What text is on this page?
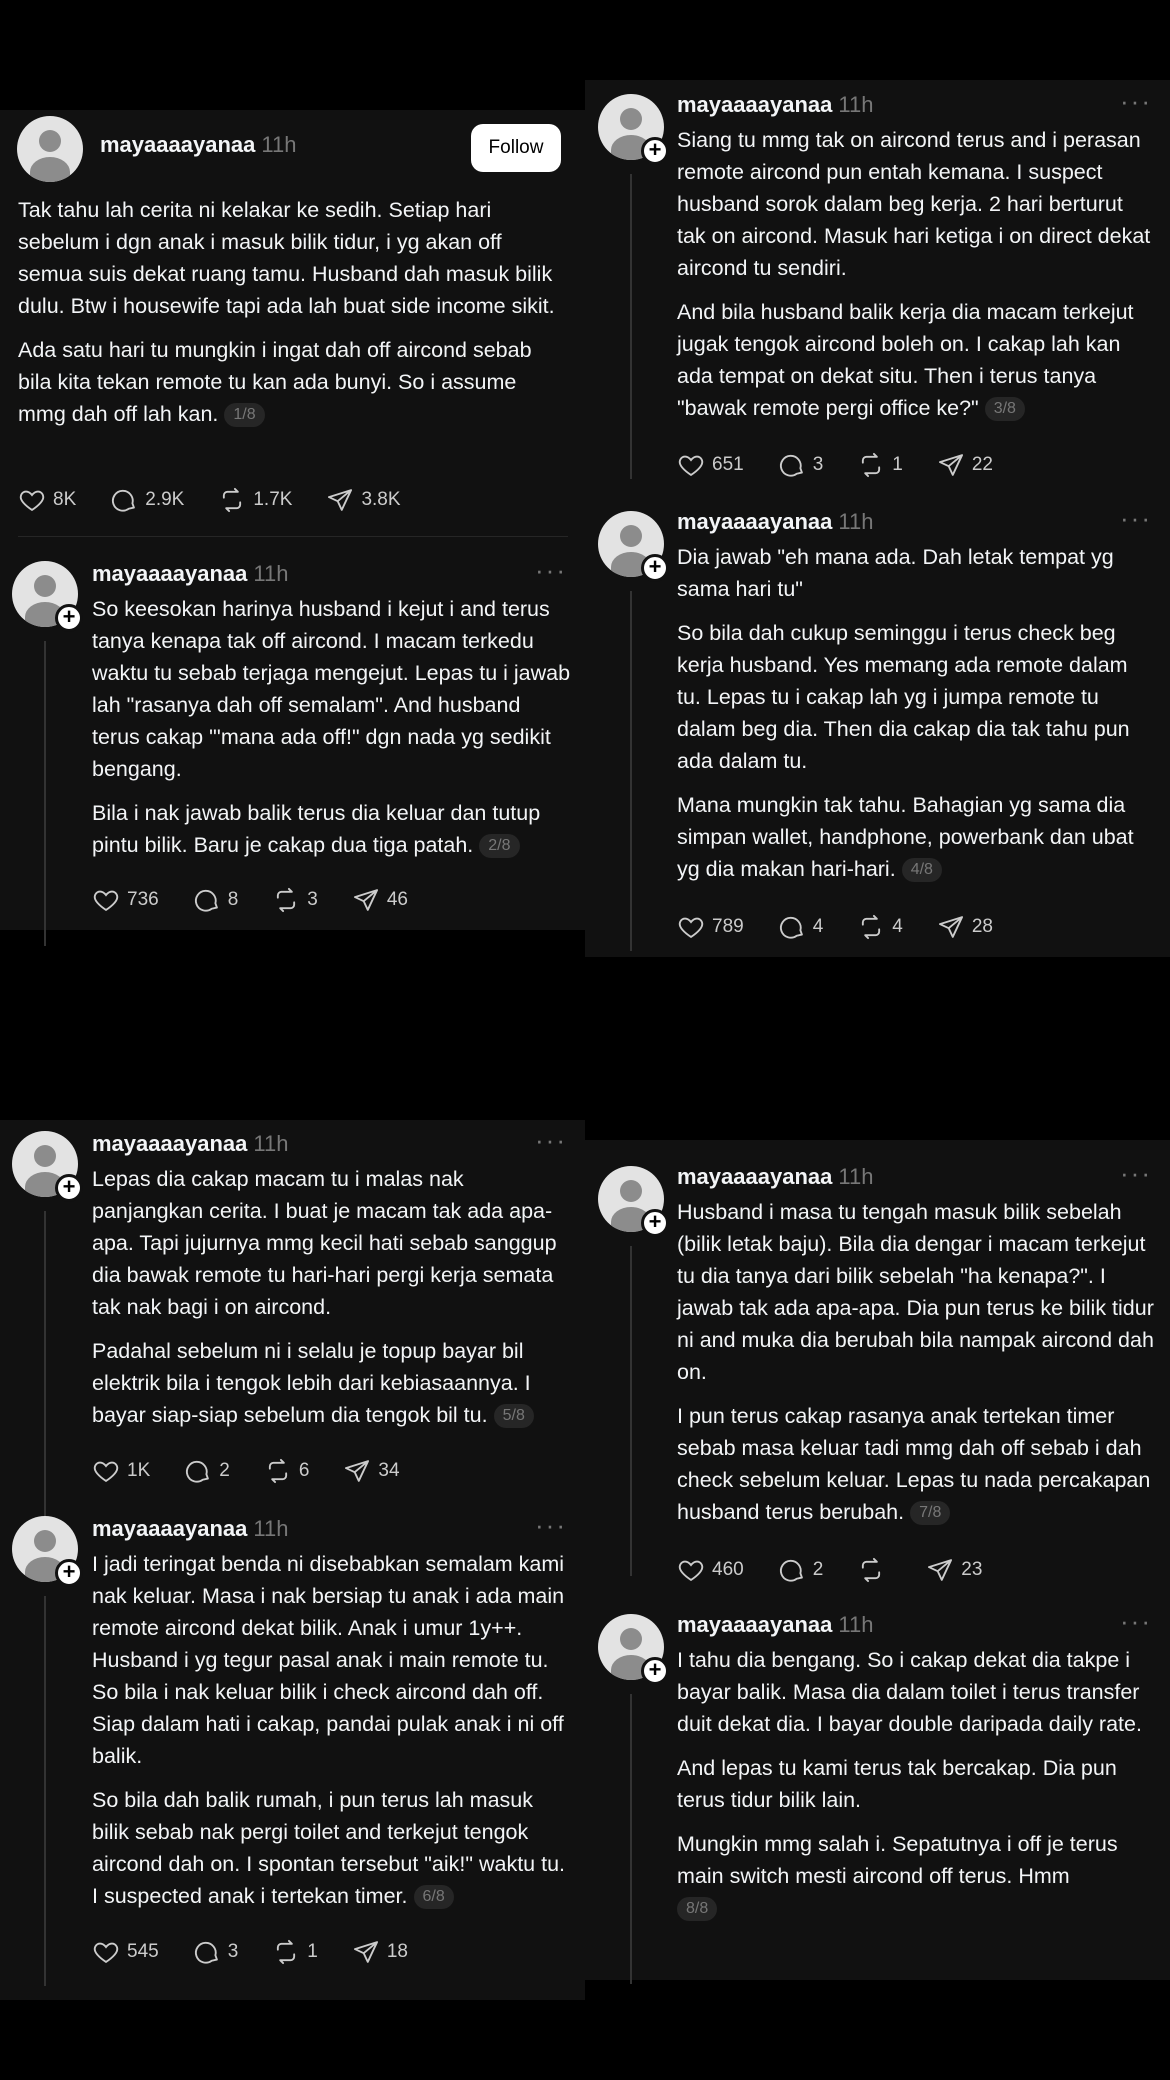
mayaaaayanaa 11h	Follow

Tak tahu lah cerita ni kelakar ke sedih. Setiap hari sebelum i dgn anak i masuk bilik tidur, i yg akan off semua suis dekat ruang tamu. Husband dah masuk bilik dulu. Btw i housewife tapi ada lah buat side income sikit.

Ada satu hari tu mungkin i ingat dah off aircond sebab bila kita tekan remote tu kan ada bunyi. So i assume mmg dah off lah kan. 1/8

8K	2.9K	1.7K	3.8K
+
mayaaaayanaa 11h	···

So keesokan harinya husband i kejut i and terus tanya kenapa tak off aircond. I macam terkedu waktu tu sebab terjaga mengejut. Lepas tu i jawab lah "rasanya dah off semalam". And husband terus cakap "'mana ada off!" dgn nada yg sedikit bengang.

Bila i nak jawab balik terus dia keluar dan tutup pintu bilik. Baru je cakap dua tiga patah. 2/8

736	8	3	46
+
mayaaaayanaa 11h	···

Siang tu mmg tak on aircond terus and i perasan remote aircond pun entah kemana. I suspect husband sorok dalam beg kerja. 2 hari berturut tak on aircond. Masuk hari ketiga i on direct dekat aircond tu sendiri.

And bila husband balik kerja dia macam terkejut jugak tengok aircond boleh on. I cakap lah kan ada tempat on dekat situ. Then i terus tanya "bawak remote pergi office ke?" 3/8

651	3	1	22
+
mayaaaayanaa 11h	···

Dia jawab "eh mana ada. Dah letak tempat yg sama hari tu"

So bila dah cukup seminggu i terus check beg kerja husband. Yes memang ada remote dalam tu. Lepas tu i cakap lah yg i jumpa remote tu dalam beg dia. Then dia cakap dia tak tahu pun ada dalam tu.

Mana mungkin tak tahu. Bahagian yg sama dia simpan wallet, handphone, powerbank dan ubat yg dia makan hari-hari. 4/8

789	4	4	28
+
mayaaaayanaa 11h	···

Lepas dia cakap macam tu i malas nak panjangkan cerita. I buat je macam tak ada apa-apa. Tapi jujurnya mmg kecil hati sebab sanggup dia bawak remote tu hari-hari pergi kerja semata tak nak bagi i on aircond.

Padahal sebelum ni i selalu je topup bayar bil elektrik bila i tengok lebih dari kebiasaannya. I bayar siap-siap sebelum dia tengok bil tu. 5/8

1K	2	6	34
+
mayaaaayanaa 11h	···

I jadi teringat benda ni disebabkan semalam kami nak keluar. Masa i nak bersiap tu anak i ada main remote aircond dekat bilik. Anak i umur 1y++. Husband i yg tegur pasal anak i main remote tu. So bila i nak keluar bilik i check aircond dah off. Siap dalam hati i cakap, pandai pulak anak i ni off balik.

So bila dah balik rumah, i pun terus lah masuk bilik sebab nak pergi toilet and terkejut tengok aircond dah on. I spontan tersebut "aik!" waktu tu. I suspected anak i tertekan timer. 6/8

545	3	1	18
+
mayaaaayanaa 11h	···

Husband i masa tu tengah masuk bilik sebelah (bilik letak baju). Bila dia dengar i macam terkejut tu dia tanya dari bilik sebelah "ha kenapa?". I jawab tak ada apa-apa. Dia pun terus ke bilik tidur ni and muka dia berubah bila nampak aircond dah on.

I pun terus cakap rasanya anak tertekan timer sebab masa keluar tadi mmg dah off sebab i dah check sebelum keluar. Lepas tu nada percakapan husband terus berubah. 7/8

460	2	23
+
mayaaaayanaa 11h	···

I tahu dia bengang. So i cakap dekat dia takpe i bayar balik. Masa dia dalam toilet i terus transfer duit dekat dia. I bayar double daripada daily rate.

And lepas tu kami terus tak bercakap. Dia pun terus tidur bilik lain.

Mungkin mmg salah i. Sepatutnya i off je terus main switch mesti aircond off terus. Hmm
8/8
